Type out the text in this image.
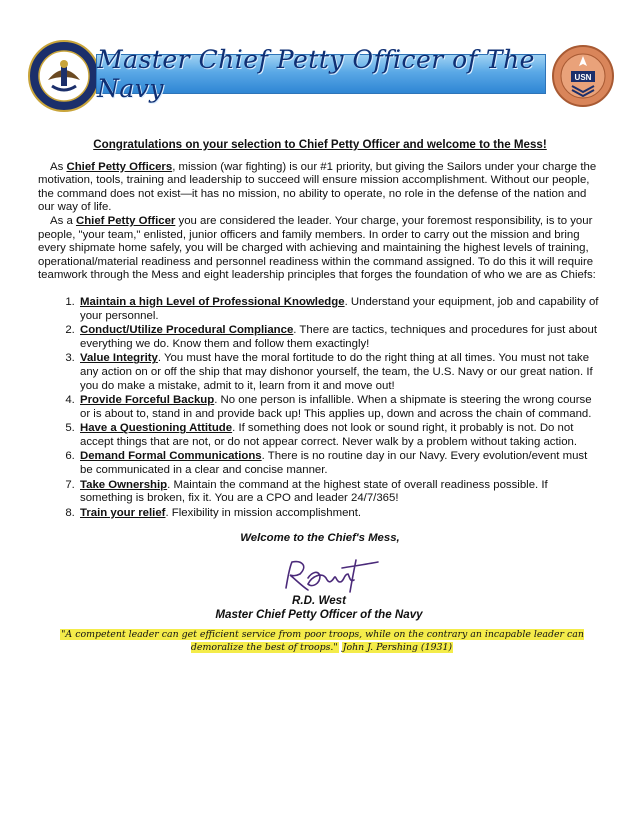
Master Chief Petty Officer of The Navy	USN

Congratulations on your selection to Chief Petty Officer and welcome to the Mess!

As Chief Petty Officers, mission (war fighting) is our #1 priority, but giving the Sailors under your charge the motivation, tools, training and leadership to succeed will ensure mission accomplishment. Without our people, the command does not exist—it has no mission, no ability to operate, no role in the defense of the nation and our way of life.

As a Chief Petty Officer you are considered the leader. Your charge, your foremost responsibility, is to your people, "your team," enlisted, junior officers and family members. In order to carry out the mission and bring every shipmate home safely, you will be charged with achieving and maintaining the highest levels of training, operational/material readiness and personnel readiness within the command assigned. To do this it will require teamwork through the Mess and eight leadership principles that forges the foundation of who we are as Chiefs:

1. Maintain a high Level of Professional Knowledge. Understand your equipment, job and capability of your personnel.
2. Conduct/Utilize Procedural Compliance. There are tactics, techniques and procedures for just about everything we do. Know them and follow them exactingly!
3. Value Integrity. You must have the moral fortitude to do the right thing at all times. You must not take any action on or off the ship that may dishonor yourself, the team, the U.S. Navy or our great nation. If you do make a mistake, admit to it, learn from it and move out!
4. Provide Forceful Backup. No one person is infallible. When a shipmate is steering the wrong course or is about to, stand in and provide back up! This applies up, down and across the chain of command.
5. Have a Questioning Attitude. If something does not look or sound right, it probably is not. Do not accept things that are not, or do not appear correct. Never walk by a problem without taking action.
6. Demand Formal Communications. There is no routine day in our Navy. Every evolution/event must be communicated in a clear and concise manner.
7. Take Ownership. Maintain the command at the highest state of overall readiness possible. If something is broken, fix it. You are a CPO and leader 24/7/365!
8. Train your relief. Flexibility in mission accomplishment.

Welcome to the Chief's Mess,

R.D. West
Master Chief Petty Officer of the Navy
"A competent leader can get efficient service from poor troops, while on the contrary an incapable leader can demoralize the best of troops." John J. Pershing (1931)
